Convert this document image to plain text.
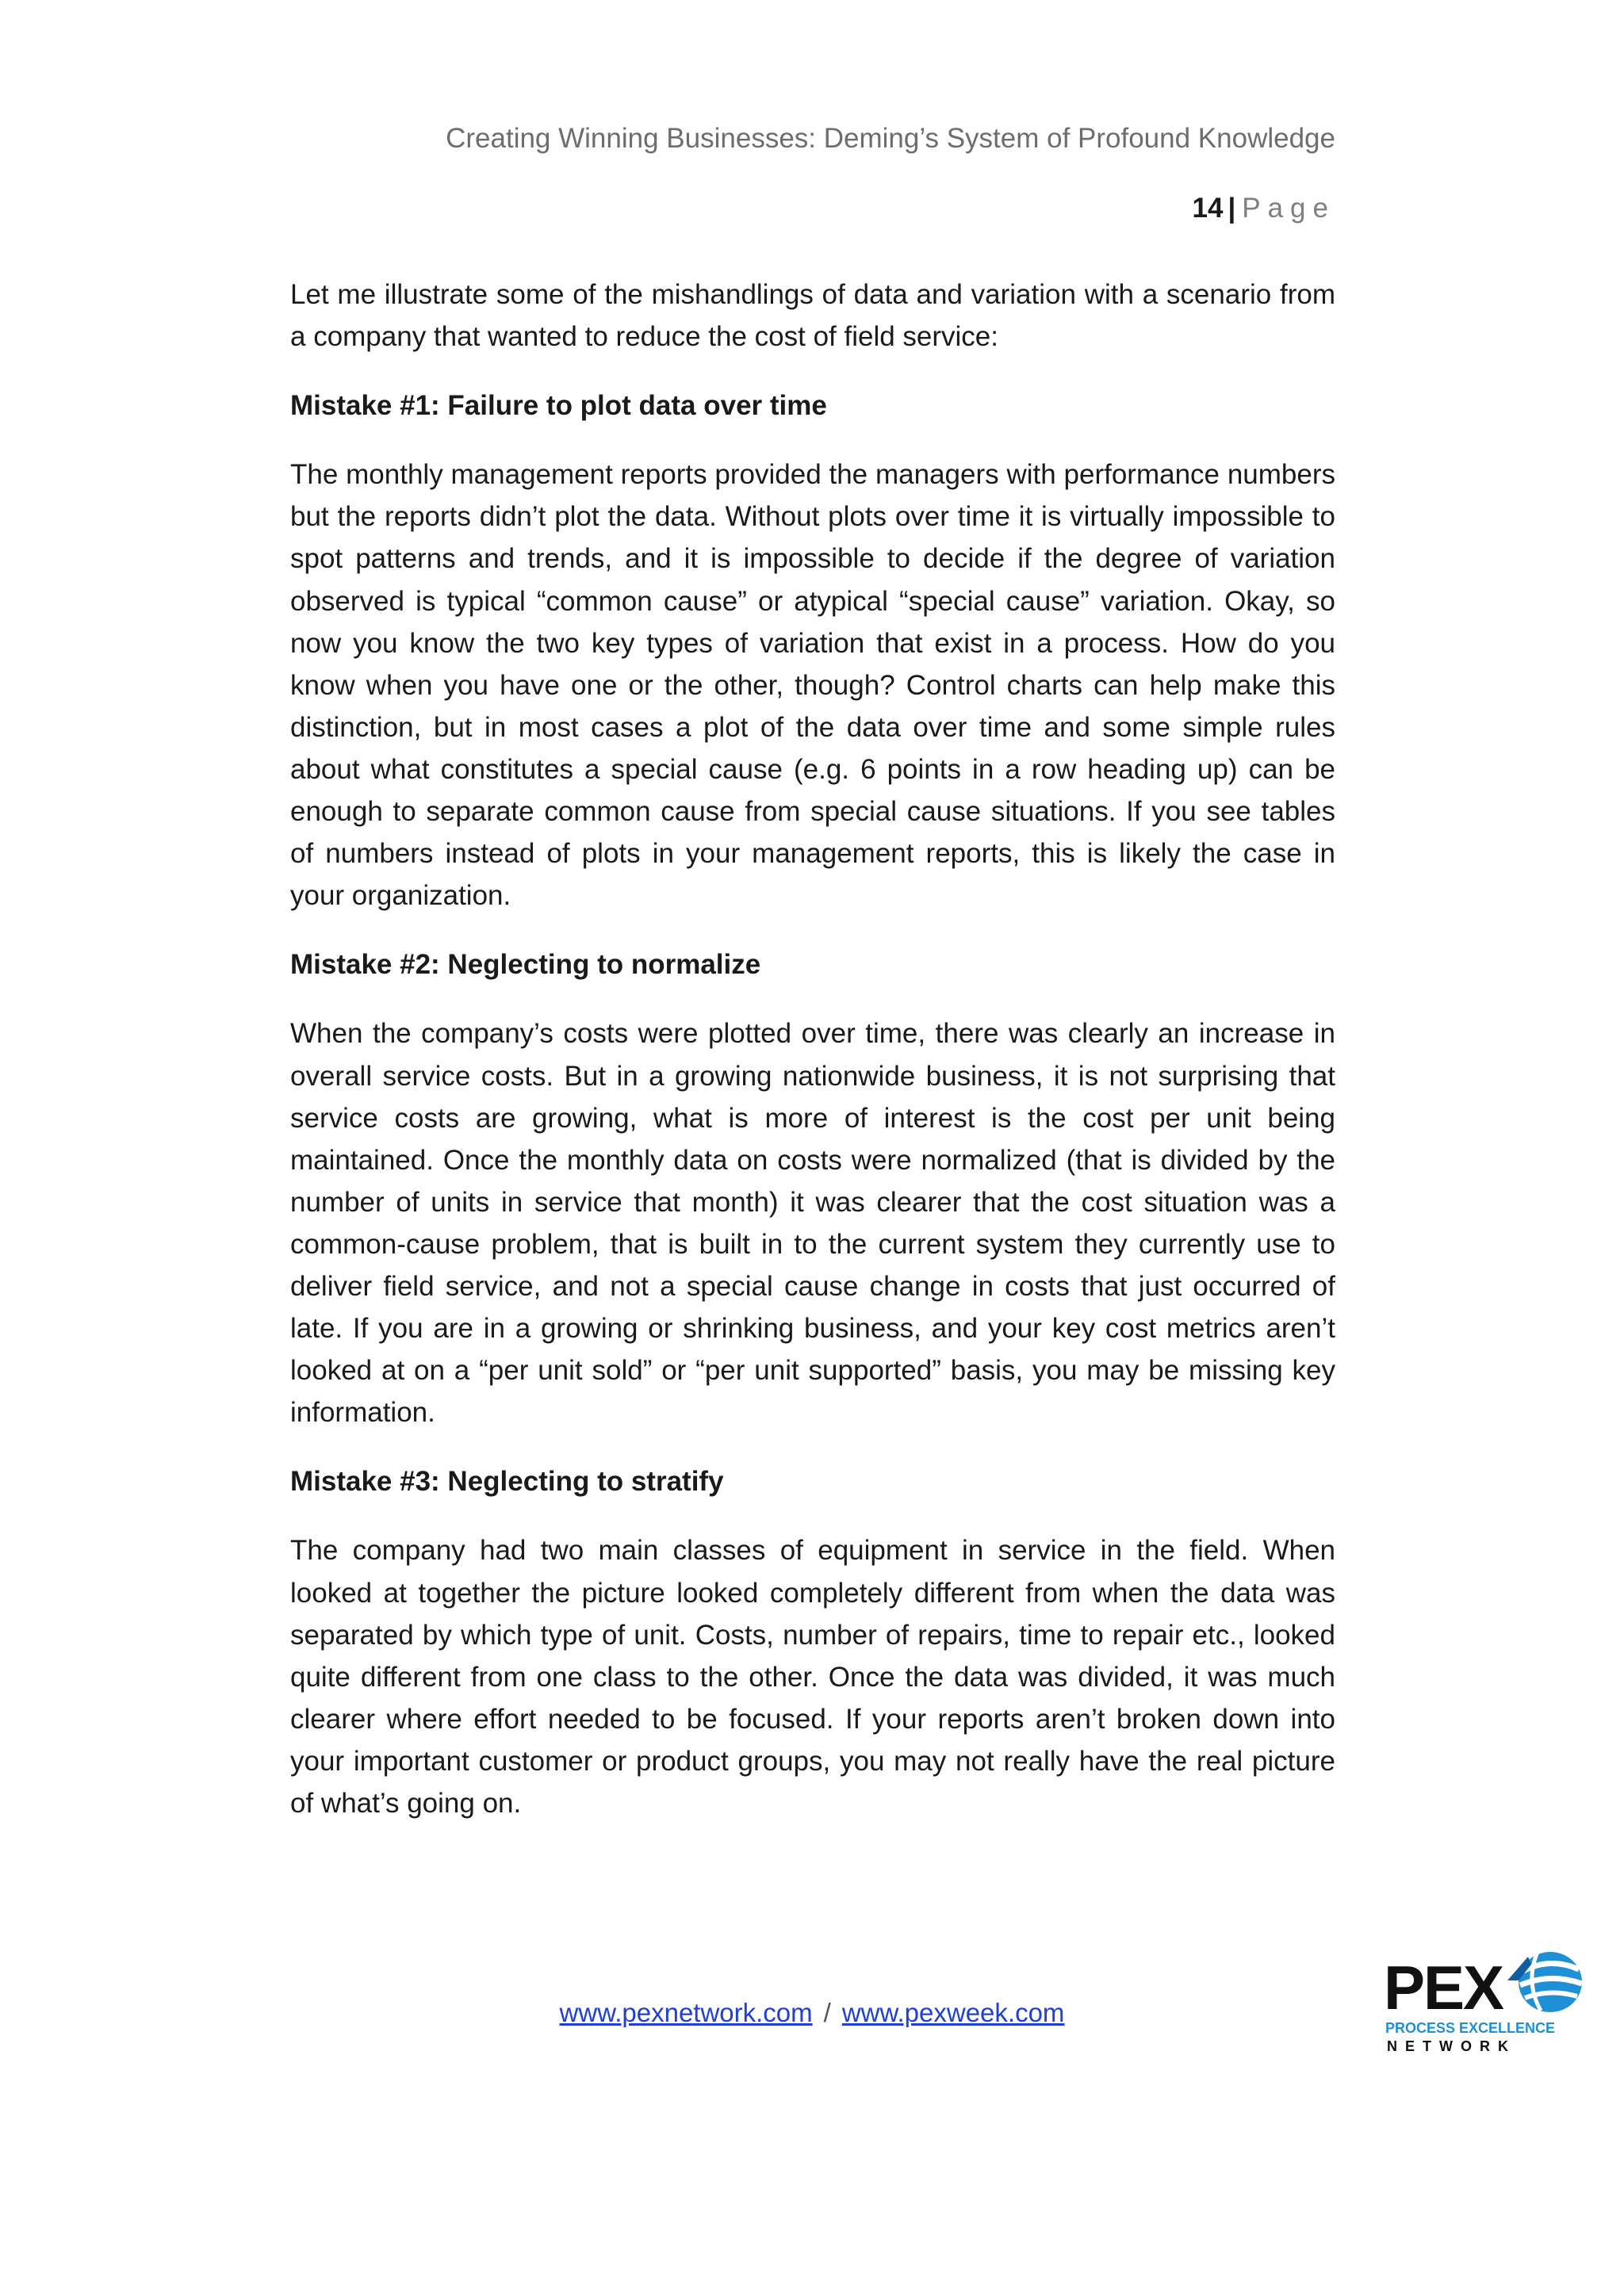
Creating Winning Businesses: Deming’s System of Profound Knowledge
14 | Page

Let me illustrate some of the mishandlings of data and variation with a scenario from a company that wanted to reduce the cost of field service:

Mistake #1: Failure to plot data over time

The monthly management reports provided the managers with performance numbers but the reports didn’t plot the data. Without plots over time it is virtually impossible to spot patterns and trends, and it is impossible to decide if the degree of variation observed is typical “common cause” or atypical “special cause” variation. Okay, so now you know the two key types of variation that exist in a process. How do you know when you have one or the other, though? Control charts can help make this distinction, but in most cases a plot of the data over time and some simple rules about what constitutes a special cause (e.g. 6 points in a row heading up) can be enough to separate common cause from special cause situations. If you see tables of numbers instead of plots in your management reports, this is likely the case in your organization.

Mistake #2: Neglecting to normalize

When the company’s costs were plotted over time, there was clearly an increase in overall service costs. But in a growing nationwide business, it is not surprising that service costs are growing, what is more of interest is the cost per unit being maintained. Once the monthly data on costs were normalized (that is divided by the number of units in service that month) it was clearer that the cost situation was a common-cause problem, that is built in to the current system they currently use to deliver field service, and not a special cause change in costs that just occurred of late. If you are in a growing or shrinking business, and your key cost metrics aren’t looked at on a “per unit sold” or “per unit supported” basis, you may be missing key information.

Mistake #3: Neglecting to stratify

The company had two main classes of equipment in service in the field. When looked at together the picture looked completely different from when the data was separated by which type of unit. Costs, number of repairs, time to repair etc., looked quite different from one class to the other. Once the data was divided, it was much clearer where effort needed to be focused. If your reports aren’t broken down into your important customer or product groups, you may not really have the real picture of what’s going on.

www.pexnetwork.com / www.pexweek.com	PEX
PROCESS EXCELLENCE
NETWORK
